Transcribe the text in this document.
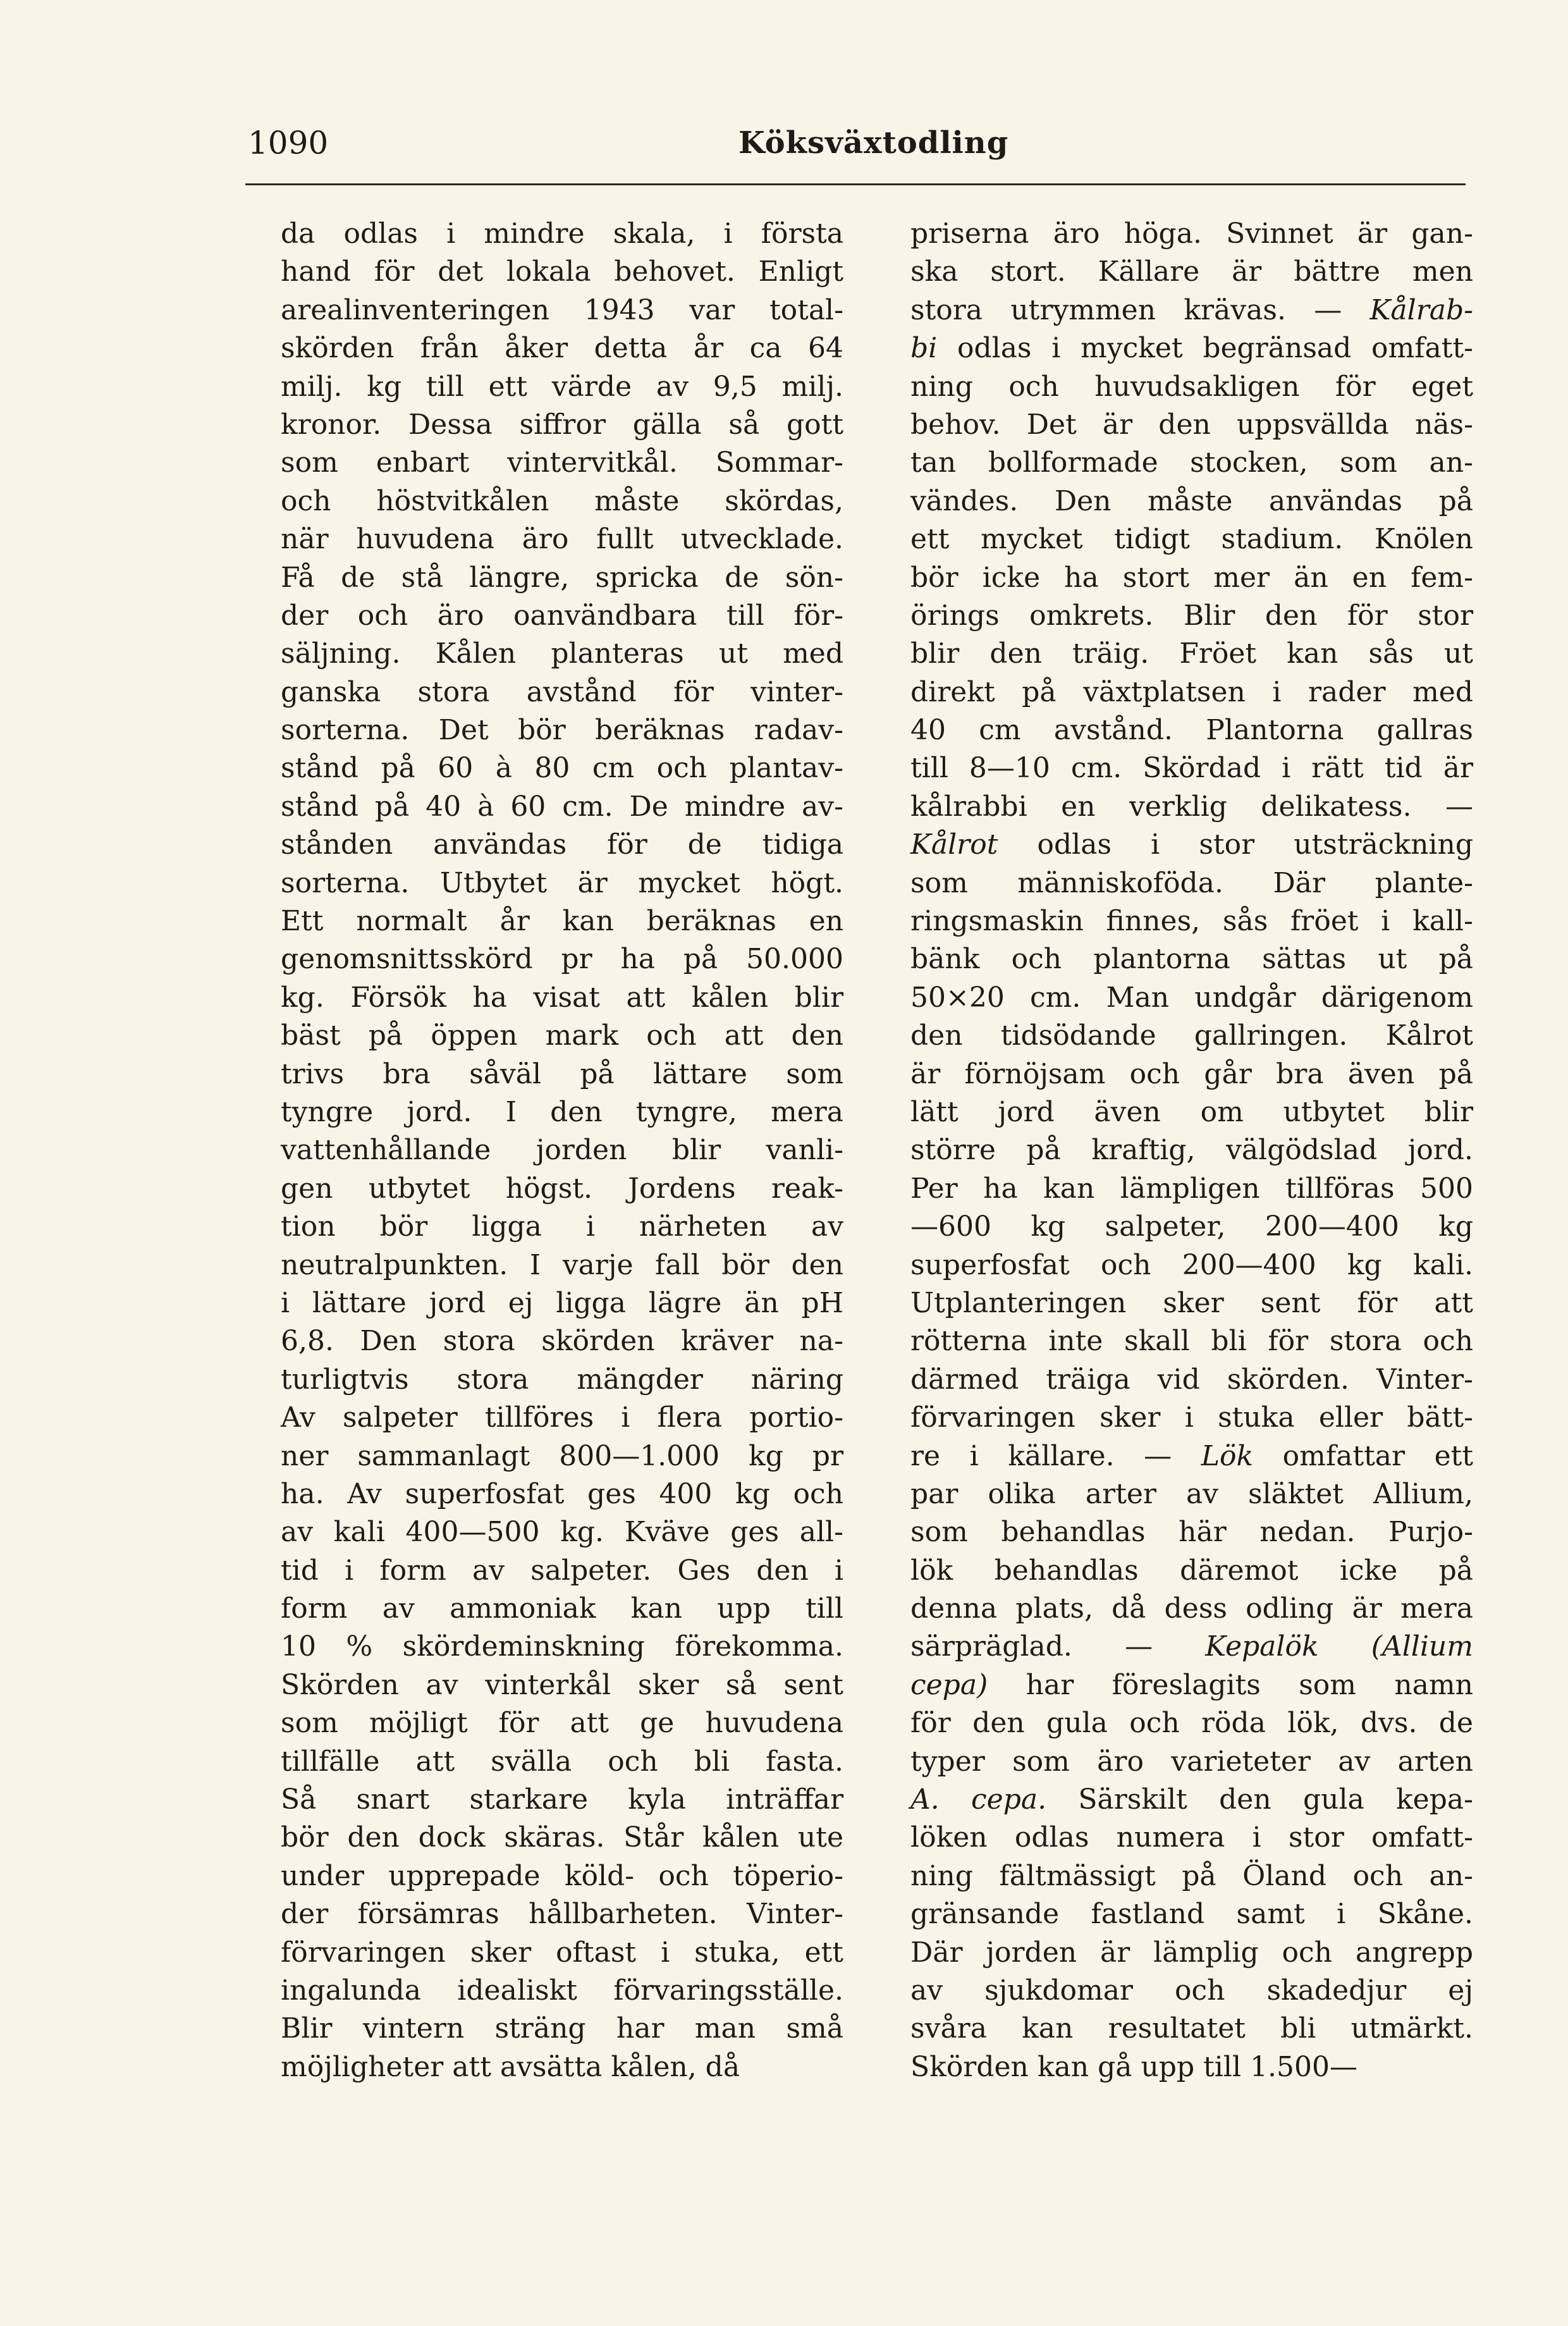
1090	Köksväxtodling
da odlas i mindre skala, i första
hand för det lokala behovet. Enligt
arealinventeringen 1943 var total-
skörden från åker detta år ca 64
milj. kg till ett värde av 9,5 milj.
kronor. Dessa siffror gälla så gott
som enbart vintervitkål. Sommar-
och höstvitkålen måste skördas,
när huvudena äro fullt utvecklade.
Få de stå längre, spricka de sön-
der och äro oanvändbara till för-
säljning. Kålen planteras ut med
ganska stora avstånd för vinter-
sorterna. Det bör beräknas radav-
stånd på 60 à 80 cm och plantav-
stånd på 40 à 60 cm. De mindre av-
stånden användas för de tidiga
sorterna. Utbytet är mycket högt.
Ett normalt år kan beräknas en
genomsnittsskörd pr ha på 50.000
kg. Försök ha visat att kålen blir
bäst på öppen mark och att den
trivs bra såväl på lättare som
tyngre jord. I den tyngre, mera
vattenhållande jorden blir vanli-
gen utbytet högst. Jordens reak-
tion bör ligga i närheten av
neutralpunkten. I varje fall bör den
i lättare jord ej ligga lägre än pH
6,8. Den stora skörden kräver na-
turligtvis stora mängder näring
Av salpeter tillföres i flera portio-
ner sammanlagt 800—1.000 kg pr
ha. Av superfosfat ges 400 kg och
av kali 400—500 kg. Kväve ges all-
tid i form av salpeter. Ges den i
form av ammoniak kan upp till
10 % skördeminskning förekomma.
Skörden av vinterkål sker så sent
som möjligt för att ge huvudena
tillfälle att svälla och bli fasta.
Så snart starkare kyla inträffar
bör den dock skäras. Står kålen ute
under upprepade köld- och töperio-
der försämras hållbarheten. Vinter-
förvaringen sker oftast i stuka, ett
ingalunda idealiskt förvaringsställe.
Blir vintern sträng har man små
möjligheter att avsätta kålen, då
priserna äro höga. Svinnet är gan-
ska stort. Källare är bättre men
stora utrymmen krävas. — Kålrab-
bi odlas i mycket begränsad omfatt-
ning och huvudsakligen för eget
behov. Det är den uppsvällda näs-
tan bollformade stocken, som an-
vändes. Den måste användas på
ett mycket tidigt stadium. Knölen
bör icke ha stort mer än en fem-
örings omkrets. Blir den för stor
blir den träig. Fröet kan sås ut
direkt på växtplatsen i rader med
40 cm avstånd. Plantorna gallras
till 8—10 cm. Skördad i rätt tid är
kålrabbi en verklig delikatess. —
Kålrot odlas i stor utsträckning
som människoföda. Där plante-
ringsmaskin finnes, sås fröet i kall-
bänk och plantorna sättas ut på
50×20 cm. Man undgår därigenom
den tidsödande gallringen. Kålrot
är förnöjsam och går bra även på
lätt jord även om utbytet blir
större på kraftig, välgödslad jord.
Per ha kan lämpligen tillföras 500
—600 kg salpeter, 200—400 kg
superfosfat och 200—400 kg kali.
Utplanteringen sker sent för att
rötterna inte skall bli för stora och
därmed träiga vid skörden. Vinter-
förvaringen sker i stuka eller bätt-
re i källare. — Lök omfattar ett
par olika arter av släktet Allium,
som behandlas här nedan. Purjo-
lök behandlas däremot icke på
denna plats, då dess odling är mera
särpräglad. — Kepalök (Allium
cepa) har föreslagits som namn
för den gula och röda lök, dvs. de
typer som äro varieteter av arten
A. cepa. Särskilt den gula kepa-
löken odlas numera i stor omfatt-
ning fältmässigt på Öland och an-
gränsande fastland samt i Skåne.
Där jorden är lämplig och angrepp
av sjukdomar och skadedjur ej
svåra kan resultatet bli utmärkt.
Skörden kan gå upp till 1.500—
